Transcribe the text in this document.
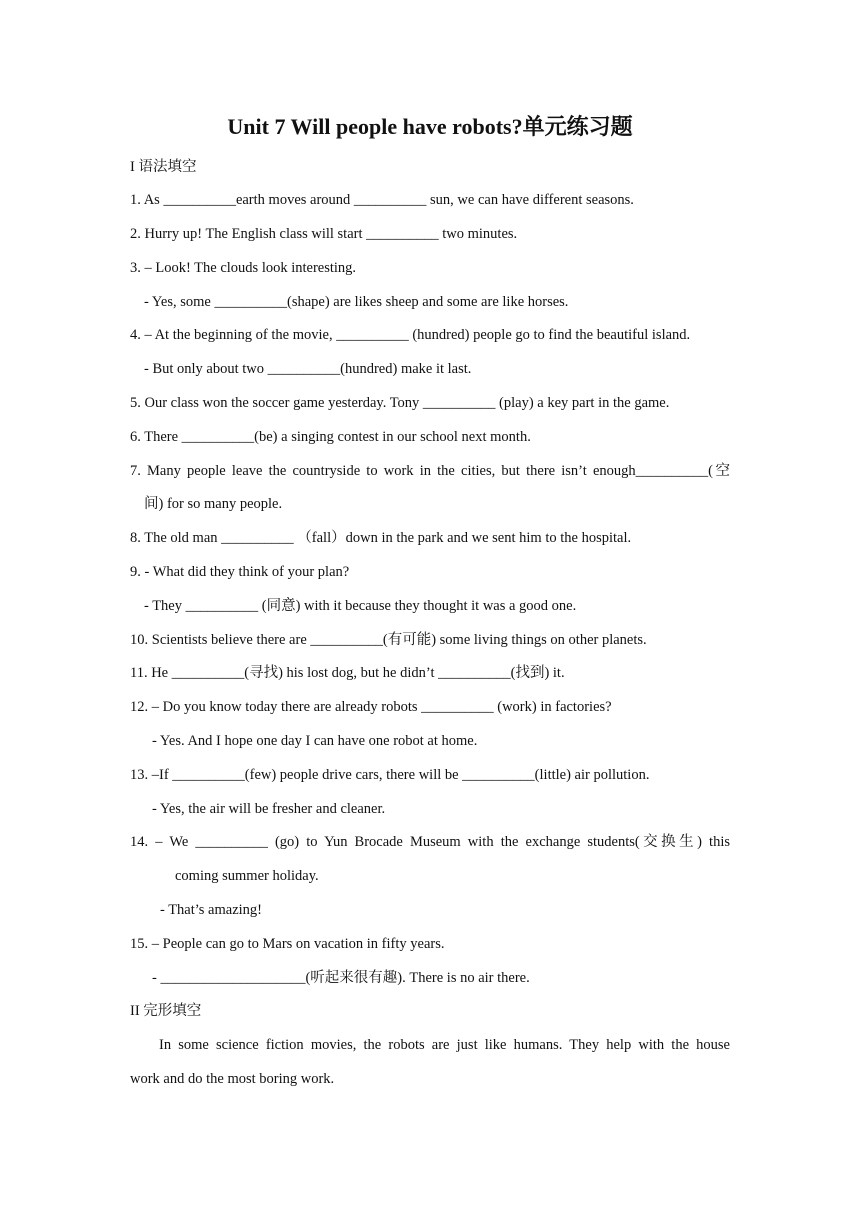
Unit 7 Will people have robots?单元练习题
I 语法填空
1. As __________earth moves around __________ sun, we can have different seasons.
2. Hurry up! The English class will start __________ two minutes.
3. – Look! The clouds look interesting.
- Yes, some __________(shape) are likes sheep and some are like horses.
4. – At the beginning of the movie, __________ (hundred) people go to find the beautiful island.
- But only about two __________(hundred) make it last.
5. Our class won the soccer game yesterday. Tony __________ (play) a key part in the game.
6. There __________(be) a singing contest in our school next month.
7. Many people leave the countryside to work in the cities, but there isn’t enough__________(空
间) for so many people.
8. The old man __________ （fall）down in the park and we sent him to the hospital.
9. - What did they think of your plan?
- They __________ (同意) with it because they thought it was a good one.
10. Scientists believe there are __________(有可能) some living things on other planets.
11. He __________(寻找) his lost dog, but he didn’t __________(找到) it.
12. – Do you know today there are already robots __________ (work) in factories?
- Yes. And I hope one day I can have one robot at home.
13. –If __________(few) people drive cars, there will be __________(little) air pollution.
- Yes, the air will be fresher and cleaner.
14. – We __________ (go) to Yun Brocade Museum with the exchange students(交换生) this
coming summer holiday.
- That’s amazing!
15. – People can go to Mars on vacation in fifty years.
- ____________________(听起来很有趣). There is no air there.
II 完形填空
In some science fiction movies, the robots are just like humans. They help with the house
work and do the most boring work.
